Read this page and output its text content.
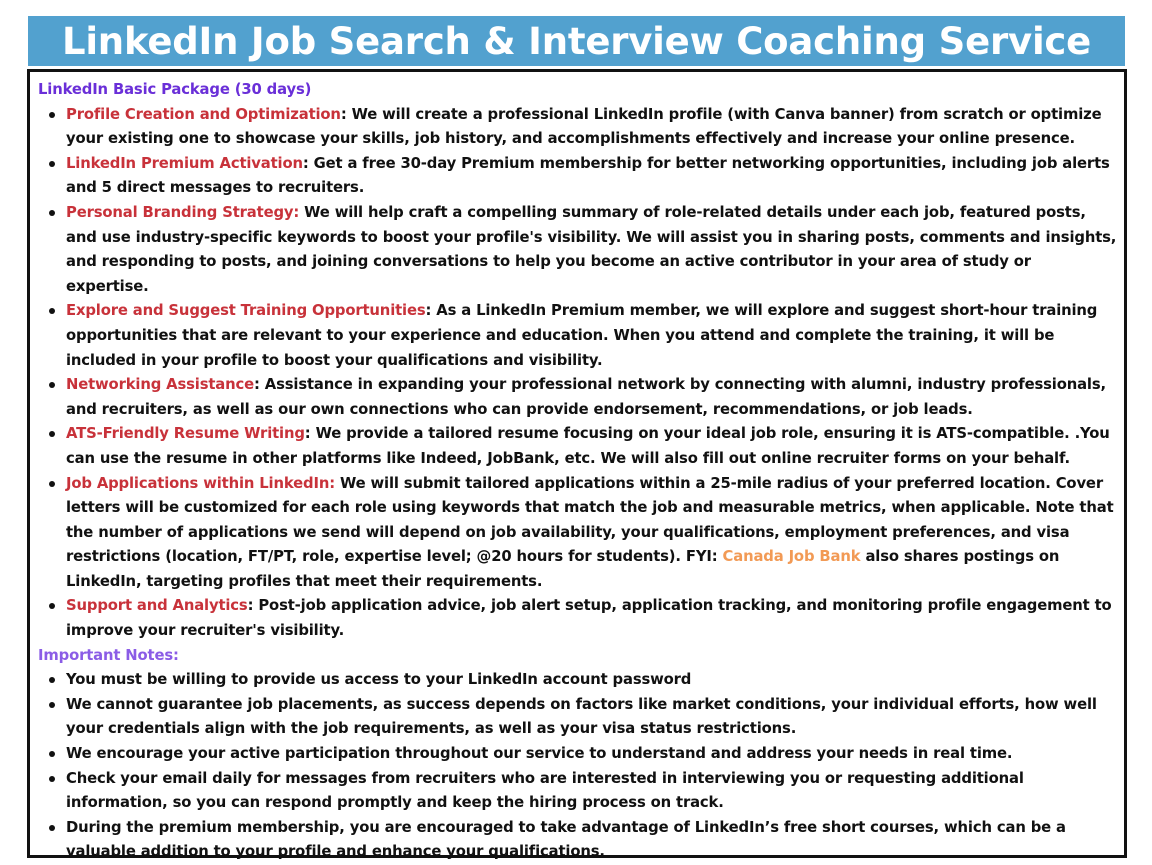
LinkedIn Job Search & Interview Coaching Service
LinkedIn Basic Package (30 days)
Profile Creation and Optimization: We will create a professional LinkedIn profile (with Canva banner) from scratch or optimize your existing one to showcase your skills, job history, and accomplishments effectively and increase your online presence.
LinkedIn Premium Activation: Get a free 30-day Premium membership for better networking opportunities, including job alerts and 5 direct messages to recruiters.
Personal Branding Strategy: We will help craft a compelling summary of role-related details under each job, featured posts, and use industry-specific keywords to boost your profile's visibility. We will assist you in sharing posts, comments and insights, and responding to posts, and joining conversations to help you become an active contributor in your area of study or expertise.
Explore and Suggest Training Opportunities: As a LinkedIn Premium member, we will explore and suggest short-hour training opportunities that are relevant to your experience and education. When you attend and complete the training, it will be included in your profile to boost your qualifications and visibility.
Networking Assistance: Assistance in expanding your professional network by connecting with alumni, industry professionals, and recruiters, as well as our own connections who can provide endorsement, recommendations, or job leads.
ATS-Friendly Resume Writing: We provide a tailored resume focusing on your ideal job role, ensuring it is ATS-compatible. .You can use the resume in other platforms like Indeed, JobBank, etc. We will also fill out online recruiter forms on your behalf.
Job Applications within LinkedIn: We will submit tailored applications within a 25-mile radius of your preferred location. Cover letters will be customized for each role using keywords that match the job and measurable metrics, when applicable. Note that the number of applications we send will depend on job availability, your qualifications, employment preferences, and visa restrictions (location, FT/PT, role, expertise level; @20 hours for students). FYI: Canada Job Bank also shares postings on LinkedIn, targeting profiles that meet their requirements.
Support and Analytics: Post-job application advice, job alert setup, application tracking, and monitoring profile engagement to improve your recruiter's visibility.
Important Notes:
You must be willing to provide us access to your LinkedIn account password
We cannot guarantee job placements, as success depends on factors like market conditions, your individual efforts, how well your credentials align with the job requirements, as well as your visa status restrictions.
We encourage your active participation throughout our service to understand and address your needs in real time.
Check your email daily for messages from recruiters who are interested in interviewing you or requesting additional information, so you can respond promptly and keep the hiring process on track.
During the premium membership, you are encouraged to take advantage of LinkedIn’s free short courses, which can be a valuable addition to your profile and enhance your qualifications.
